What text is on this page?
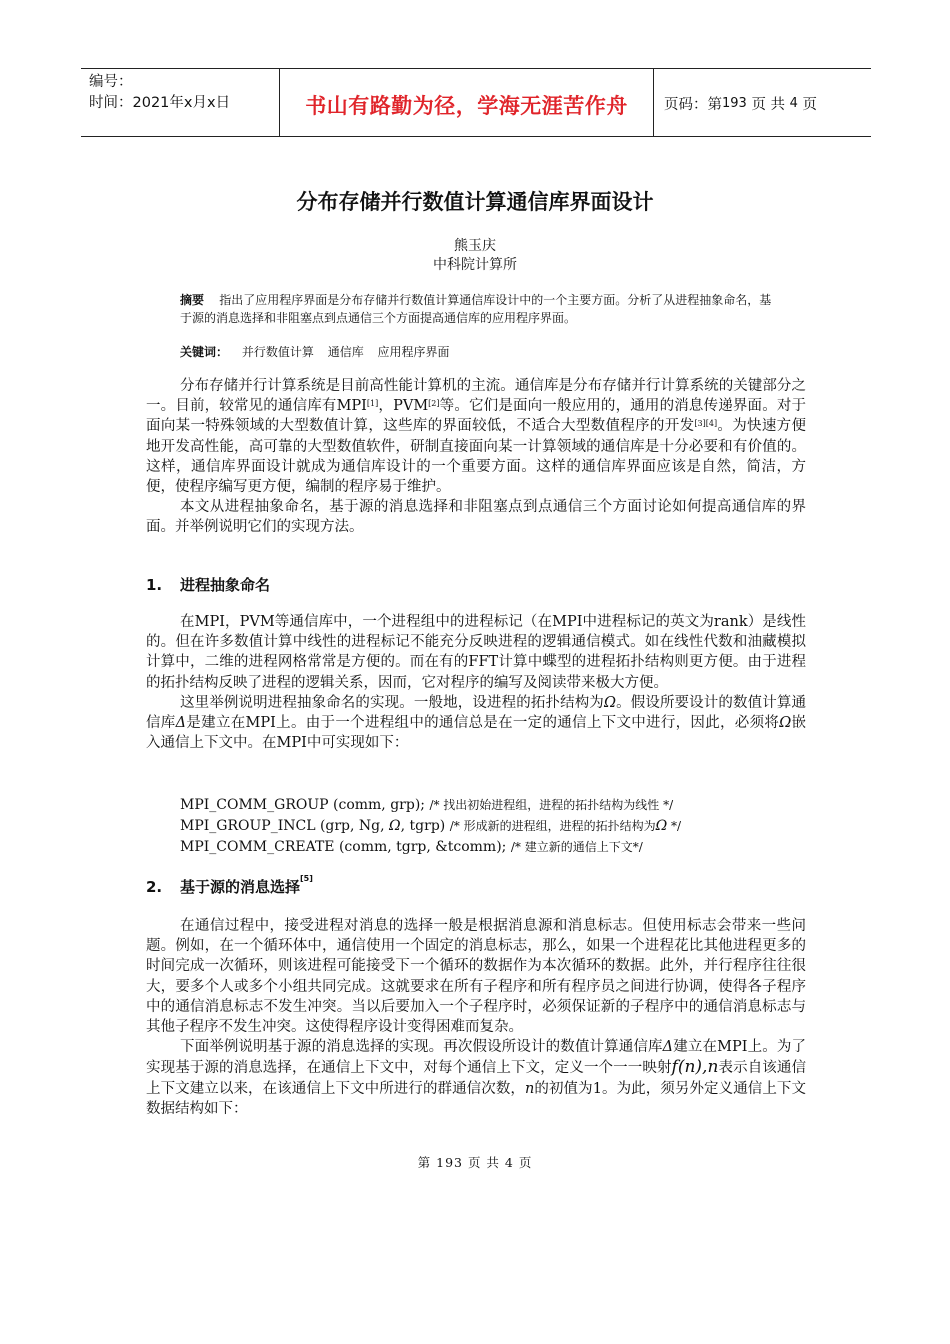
编号：
时间：2021年x月x日	书山有路勤为径，学海无涯苦作舟	页码：第 193
页 共
4
页
分布存储并行数值计算通信库界面设计
熊玉庆
中科院计算所
摘要 指出了应用程序界面是分布存储并行数值计算通信库设计中的一个主要方面。分析了从进程抽象命名，基于源的消息选择和非阻塞点到点通信三个方面提高通信库的应用程序界面。
关键词： 并行数值计算 通信库 应用程序界面

分布存储并行计算系统是目前高性能计算机的主流。通信库是分布存储并行计算系统的关键部分之一。目前，较常见的通信库有MPI[1]，PVM[2]等。它们是面向一般应用的，通用的消息传递界面。对于面向某一特殊领域的大型数值计算，这些库的界面较低，不适合大型数值程序的开发[3][4]。为快速方便地开发高性能，高可靠的大型数值软件，研制直接面向某一计算领域的通信库是十分必要和有价值的。这样，通信库界面设计就成为通信库设计的一个重要方面。这样的通信库界面应该是自然，简洁，方便，使程序编写更方便，编制的程序易于维护。

本文从进程抽象命名，基于源的消息选择和非阻塞点到点通信三个方面讨论如何提高通信库的界面。并举例说明它们的实现方法。

1. 进程抽象命名

在MPI，PVM等通信库中，一个进程组中的进程标记（在MPI中进程标记的英文为rank）是线性的。但在许多数值计算中线性的进程标记不能充分反映进程的逻辑通信模式。如在线性代数和油藏模拟计算中，二维的进程网格常常是方便的。而在有的FFT计算中蝶型的进程拓扑结构则更方便。由于进程的拓扑结构反映了进程的逻辑关系，因而，它对程序的编写及阅读带来极大方便。

这里举例说明进程抽象命名的实现。一般地，设进程的拓扑结构为Ω。假设所要设计的数值计算通信库Δ是建立在MPI上。由于一个进程组中的通信总是在一定的通信上下文中进行，因此，必须将Ω嵌入通信上下文中。在MPI中可实现如下：

MPI_COMM_GROUP (comm, grp); /* 找出初始进程组，进程的拓扑结构为线性 */
MPI_GROUP_INCL (grp, Ng, Ω, tgrp) /* 形成新的进程组，进程的拓扑结构为Ω */
MPI_COMM_CREATE (comm, tgrp, &tcomm); /* 建立新的通信上下文*/
2. 基于源的消息选择[5]

在通信过程中，接受进程对消息的选择一般是根据消息源和消息标志。但使用标志会带来一些问题。例如，在一个循环体中，通信使用一个固定的消息标志，那么，如果一个进程花比其他进程更多的时间完成一次循环，则该进程可能接受下一个循环的数据作为本次循环的数据。此外，并行程序往往很大，要多个人或多个小组共同完成。这就要求在所有子程序和所有程序员之间进行协调，使得各子程序中的通信消息标志不发生冲突。当以后要加入一个子程序时，必须保证新的子程序中的通信消息标志与其他子程序不发生冲突。这使得程序设计变得困难而复杂。

下面举例说明基于源的消息选择的实现。再次假设所设计的数值计算通信库Δ建立在MPI上。为了实现基于源的消息选择，在通信上下文中，对每个通信上下文，定义一个一一映射f(n),n表示自该通信上下文建立以来，在该通信上下文中所进行的群通信次数，n的初值为1。为此，须另外定义通信上下文数据结构如下：

第 193 页 共 4 页
